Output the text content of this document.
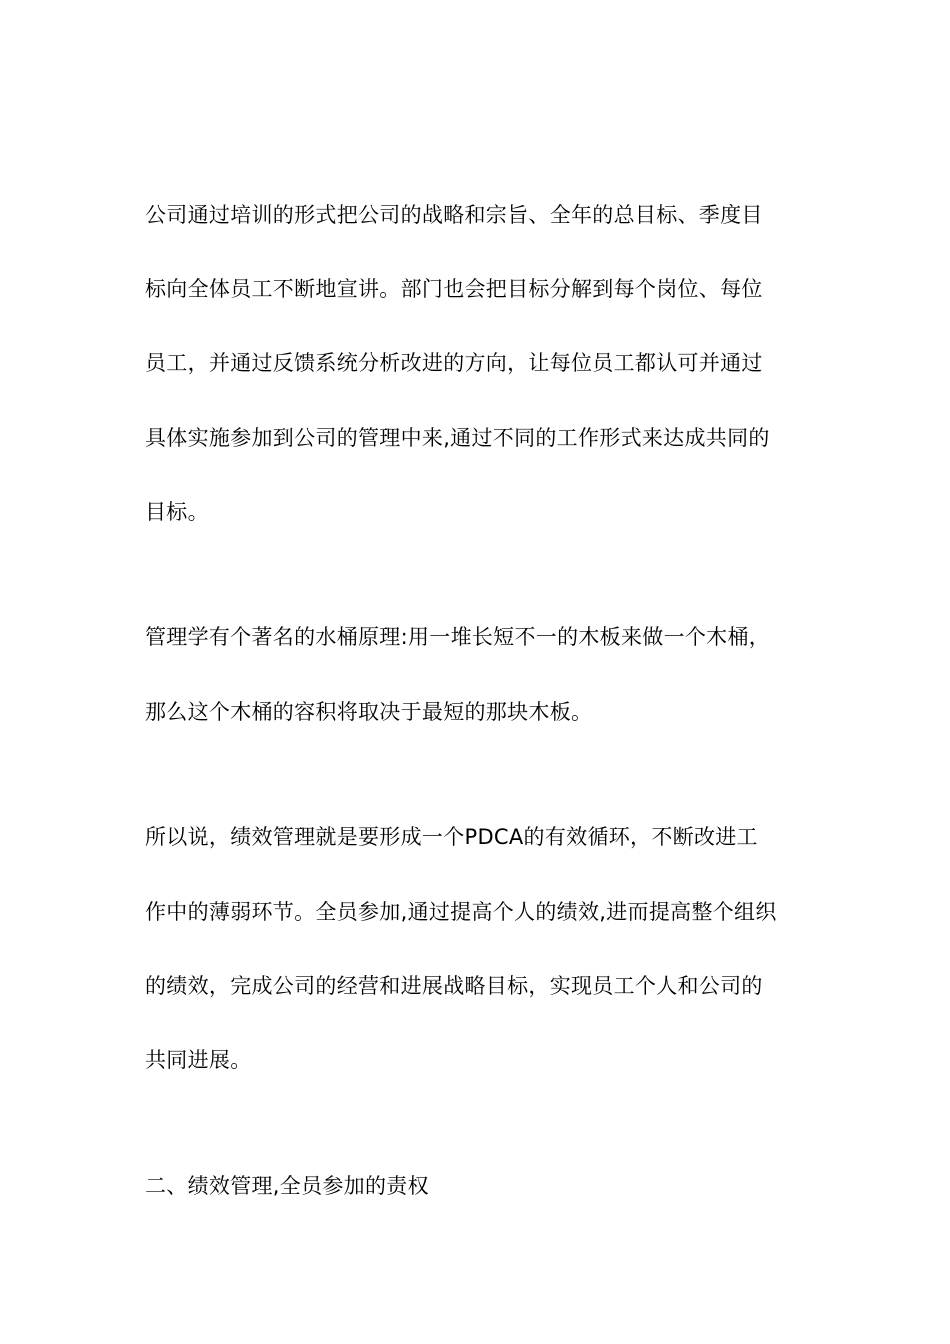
公司通过培训的形式把公司的战略和宗旨、全年的总目标、季度目

标向全体员工不断地宣讲。部门也会把目标分解到每个岗位、每位

员工，并通过反馈系统分析改进的方向，让每位员工都认可并通过

具体实施参加到公司的管理中来,通过不同的工作形式来达成共同的

目标。

管理学有个著名的水桶原理:用一堆长短不一的木板来做一个木桶，

那么这个木桶的容积将取决于最短的那块木板。

所以说，绩效管理就是要形成一个PDCA的有效循环，不断改进工

作中的薄弱环节。全员参加,通过提高个人的绩效,进而提高整个组织

的绩效，完成公司的经营和进展战略目标，实现员工个人和公司的

共同进展。

二、绩效管理,全员参加的责权
